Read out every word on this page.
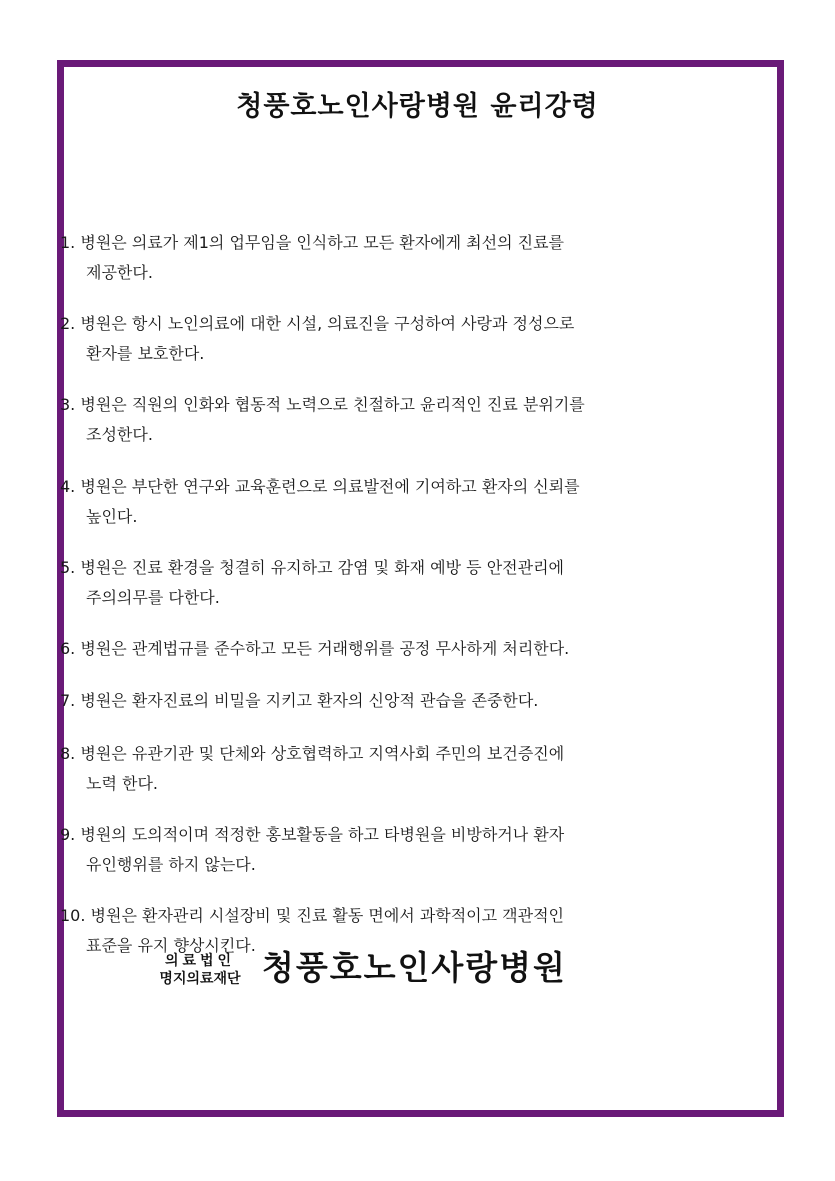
청풍호노인사랑병원 윤리강령
1. 병원은 의료가 제1의 업무임을 인식하고 모든 환자에게 최선의 진료를
제공한다.
2. 병원은 항시 노인의료에 대한 시설, 의료진을 구성하여 사랑과 정성으로
환자를 보호한다.
3. 병원은 직원의 인화와 협동적 노력으로 친절하고 윤리적인 진료 분위기를
조성한다.
4. 병원은 부단한 연구와 교육훈련으로 의료발전에 기여하고 환자의 신뢰를
높인다.
5. 병원은 진료 환경을 청결히 유지하고 감염 및 화재 예방 등 안전관리에
주의의무를 다한다.
6. 병원은 관계법규를 준수하고 모든 거래행위를 공정 무사하게 처리한다.
7. 병원은 환자진료의 비밀을 지키고 환자의 신앙적 관습을 존중한다.
8. 병원은 유관기관 및 단체와 상호협력하고 지역사회 주민의 보건증진에
노력 한다.
9. 병원의 도의적이며 적정한 홍보활동을 하고 타병원을 비방하거나 환자
유인행위를 하지 않는다.
10. 병원은 환자관리 시설장비 및 진료 활동 면에서 과학적이고 객관적인
표준을 유지 향상시킨다.
의료법인
명지의료재단 청풍호노인사랑병원
